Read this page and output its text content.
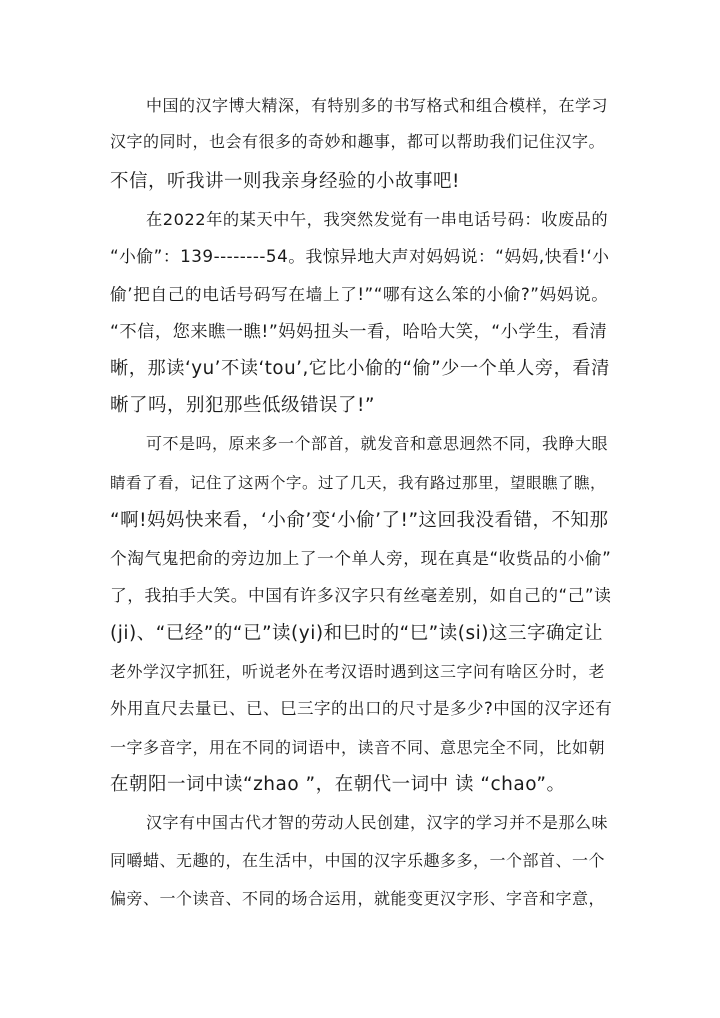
中国的汉字博大精深，有特别多的书写格式和组合模样，在学习
汉字的同时，也会有很多的奇妙和趣事，都可以帮助我们记住汉字。
不信，听我讲一则我亲身经验的小故事吧!
在2022年的某天中午，我突然发觉有一串电话号码：收废品的
“小偷”：139--------54。我惊异地大声对妈妈说：“妈妈,快看!‘小
偷’把自己的电话号码写在墙上了!”“哪有这么笨的小偷?”妈妈说。
“不信，您来瞧一瞧!”妈妈扭头一看，哈哈大笑，“小学生，看清
晰，那读‘yu’不读‘tou’,它比小偷的“偷”少一个单人旁，看清
晰了吗，别犯那些低级错误了!”
可不是吗，原来多一个部首，就发音和意思迥然不同，我睁大眼
睛看了看，记住了这两个字。过了几天，我有路过那里，望眼瞧了瞧，
“啊!妈妈快来看，‘小俞’变‘小偷’了!”这回我没看错，不知那
个淘气鬼把俞的旁边加上了一个单人旁，现在真是“收赀品的小偷”
了，我拍手大笑。中国有许多汉字只有丝毫差别，如自己的“己”读
(ji)、“已经”的“已”读(yi)和巳时的“巳”读(si)这三字确定让
老外学汉字抓狂，听说老外在考汉语时遇到这三字问有啥区分时，老
外用直尺去量已、已、巳三字的出口的尺寸是多少?中国的汉字还有
一字多音字，用在不同的词语中，读音不同、意思完全不同，比如朝
在朝阳一词中读“zhao ”，在朝代一词中 读 “chao”。
汉字有中国古代才智的劳动人民创建，汉字的学习并不是那么味
同嚼蜡、无趣的，在生活中，中国的汉字乐趣多多，一个部首、一个
偏旁、一个读音、不同的场合运用，就能变更汉字形、字音和字意，
